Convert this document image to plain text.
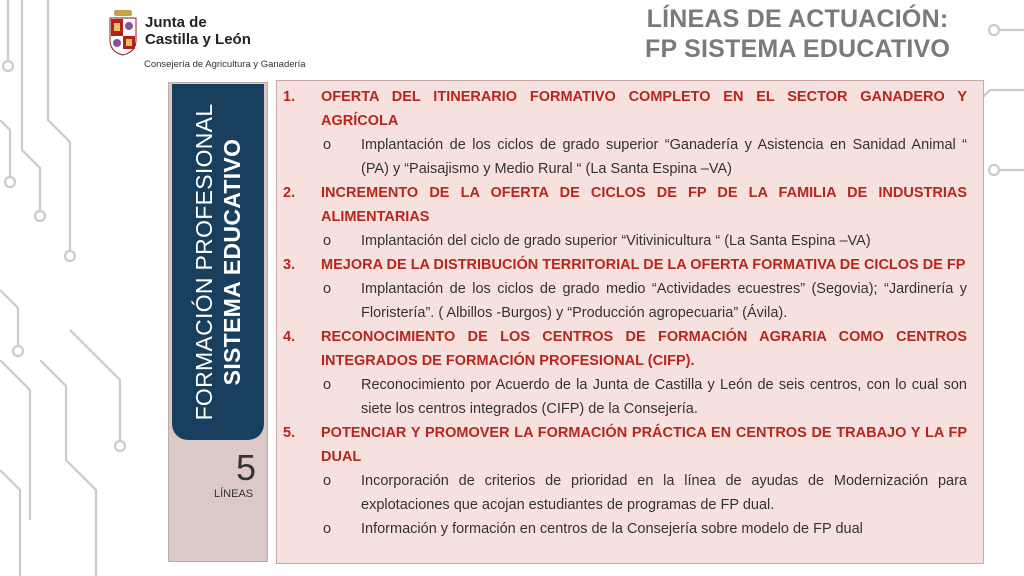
Junta de
Castilla y León
Consejería de Agricultura y Ganadería
LÍNEAS DE ACTUACIÓN:
FP SISTEMA EDUCATIVO
FORMACIÓN PROFESIONAL SISTEMA EDUCATIVO
5
LÍNEAS
1.	OFERTA DEL ITINERARIO FORMATIVO COMPLETO EN EL SECTOR GANADERO Y AGRÍCOLA
o Implantación de los ciclos de grado superior “Ganadería y Asistencia en Sanidad Animal “ (PA) y “Paisajismo y Medio Rural “ (La Santa Espina –VA)
2.	INCREMENTO DE LA OFERTA DE CICLOS DE FP DE LA FAMILIA DE INDUSTRIAS ALIMENTARIAS
o Implantación del ciclo de grado superior “Vitivinicultura “ (La Santa Espina –VA)
3.	MEJORA DE LA DISTRIBUCIÓN TERRITORIAL DE LA OFERTA FORMATIVA DE CICLOS DE FP
o Implantación de los ciclos de grado medio “Actividades ecuestres” (Segovia); “Jardinería y Floristería”. ( Albillos -Burgos) y “Producción agropecuaria” (Ávila).
4.	RECONOCIMIENTO DE LOS CENTROS DE FORMACIÓN AGRARIA COMO CENTROS INTEGRADOS DE FORMACIÓN PROFESIONAL (CIFP).
o Reconocimiento por Acuerdo de la Junta de Castilla y León de seis centros, con lo cual son siete los centros integrados (CIFP) de la Consejería.
5.	POTENCIAR Y PROMOVER LA FORMACIÓN PRÁCTICA EN CENTROS DE TRABAJO Y LA FP DUAL
o Incorporación de criterios de prioridad en la línea de ayudas de Modernización para explotaciones que acojan estudiantes de programas de FP dual.
o Información y formación en centros de la Consejería sobre modelo de FP dual
